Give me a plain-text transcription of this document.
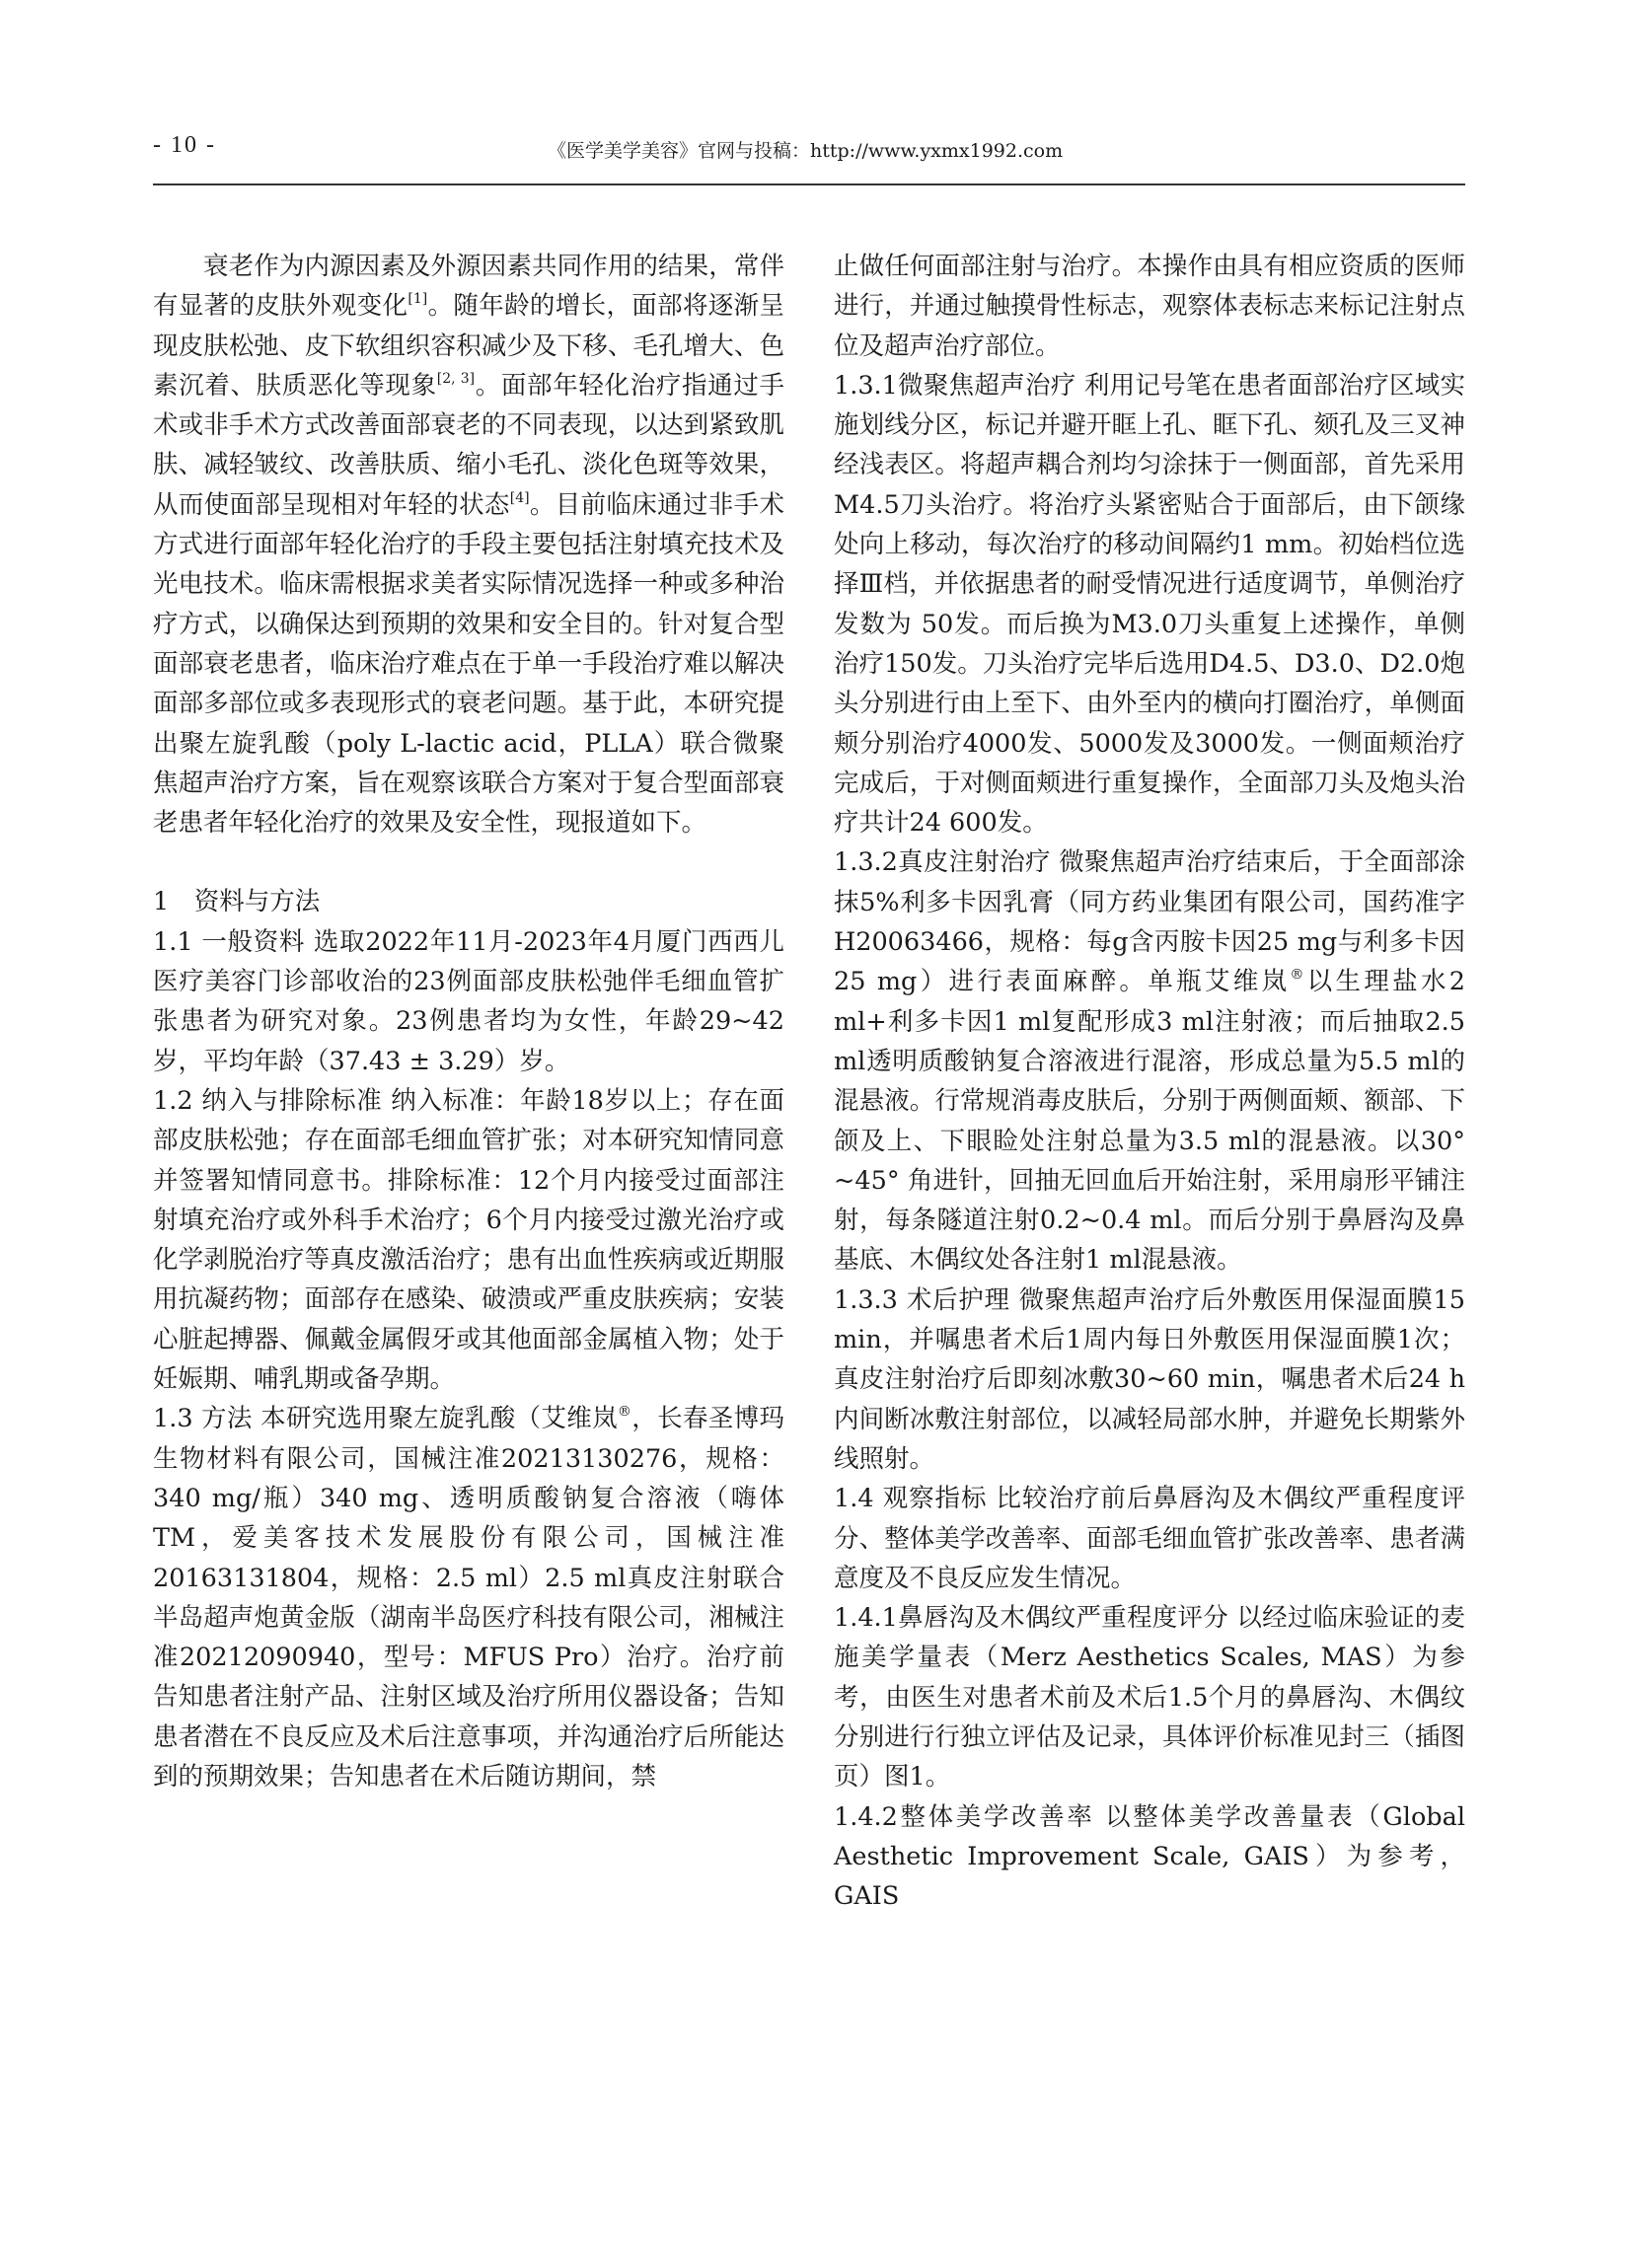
- 10 -	《医学美学美容》官网与投稿：http://www.yxmx1992.com

衰老作为内源因素及外源因素共同作用的结果，常伴有显著的皮肤外观变化[1]。随年龄的增长，面部将逐渐呈现皮肤松弛、皮下软组织容积减少及下移、毛孔增大、色素沉着、肤质恶化等现象[2, 3]。面部年轻化治疗指通过手术或非手术方式改善面部衰老的不同表现，以达到紧致肌肤、减轻皱纹、改善肤质、缩小毛孔、淡化色斑等效果，从而使面部呈现相对年轻的状态[4]。目前临床通过非手术方式进行面部年轻化治疗的手段主要包括注射填充技术及光电技术。临床需根据求美者实际情况选择一种或多种治疗方式，以确保达到预期的效果和安全目的。针对复合型面部衰老患者，临床治疗难点在于单一手段治疗难以解决面部多部位或多表现形式的衰老问题。基于此，本研究提出聚左旋乳酸（poly L-lactic acid，PLLA）联合微聚焦超声治疗方案，旨在观察该联合方案对于复合型面部衰老患者年轻化治疗的效果及安全性，现报道如下。

1　资料与方法

1.1 一般资料 选取2022年11月-2023年4月厦门西西儿医疗美容门诊部收治的23例面部皮肤松弛伴毛细血管扩张患者为研究对象。23例患者均为女性，年龄29~42岁，平均年龄（37.43 ± 3.29）岁。

1.2 纳入与排除标准 纳入标准：年龄18岁以上；存在面部皮肤松弛；存在面部毛细血管扩张；对本研究知情同意并签署知情同意书。排除标准：12个月内接受过面部注射填充治疗或外科手术治疗；6个月内接受过激光治疗或化学剥脱治疗等真皮激活治疗；患有出血性疾病或近期服用抗凝药物；面部存在感染、破溃或严重皮肤疾病；安装心脏起搏器、佩戴金属假牙或其他面部金属植入物；处于妊娠期、哺乳期或备孕期。

1.3 方法 本研究选用聚左旋乳酸（艾维岚®，长春圣博玛生物材料有限公司，国械注准20213130276，规格：340 mg/瓶）340 mg、透明质酸钠复合溶液（嗨体TM，爱美客技术发展股份有限公司，国械注准20163131804，规格：2.5 ml）2.5 ml真皮注射联合半岛超声炮黄金版（湖南半岛医疗科技有限公司，湘械注准20212090940，型号：MFUS Pro）治疗。治疗前告知患者注射产品、注射区域及治疗所用仪器设备；告知患者潜在不良反应及术后注意事项，并沟通治疗后所能达到的预期效果；告知患者在术后随访期间，禁

止做任何面部注射与治疗。本操作由具有相应资质的医师进行，并通过触摸骨性标志，观察体表标志来标记注射点位及超声治疗部位。

1.3.1微聚焦超声治疗 利用记号笔在患者面部治疗区域实施划线分区，标记并避开眶上孔、眶下孔、颏孔及三叉神经浅表区。将超声耦合剂均匀涂抹于一侧面部，首先采用M4.5刀头治疗。将治疗头紧密贴合于面部后，由下颌缘处向上移动，每次治疗的移动间隔约1 mm。初始档位选择Ⅲ档，并依据患者的耐受情况进行适度调节，单侧治疗发数为 50发。而后换为M3.0刀头重复上述操作，单侧治疗150发。刀头治疗完毕后选用D4.5、D3.0、D2.0炮头分别进行由上至下、由外至内的横向打圈治疗，单侧面颊分别治疗4000发、5000发及3000发。一侧面颊治疗完成后，于对侧面颊进行重复操作，全面部刀头及炮头治疗共计24 600发。

1.3.2真皮注射治疗 微聚焦超声治疗结束后，于全面部涂抹5%利多卡因乳膏（同方药业集团有限公司，国药准字H20063466，规格：每g含丙胺卡因25 mg与利多卡因25 mg）进行表面麻醉。单瓶艾维岚®以生理盐水2 ml+利多卡因1 ml复配形成3 ml注射液；而后抽取2.5 ml透明质酸钠复合溶液进行混溶，形成总量为5.5 ml的混悬液。行常规消毒皮肤后，分别于两侧面颊、额部、下颌及上、下眼睑处注射总量为3.5 ml的混悬液。以30° ~45° 角进针，回抽无回血后开始注射，采用扇形平铺注射，每条隧道注射0.2~0.4 ml。而后分别于鼻唇沟及鼻基底、木偶纹处各注射1 ml混悬液。

1.3.3 术后护理 微聚焦超声治疗后外敷医用保湿面膜15 min，并嘱患者术后1周内每日外敷医用保湿面膜1次；真皮注射治疗后即刻冰敷30~60 min，嘱患者术后24 h内间断冰敷注射部位，以减轻局部水肿，并避免长期紫外线照射。

1.4 观察指标 比较治疗前后鼻唇沟及木偶纹严重程度评分、整体美学改善率、面部毛细血管扩张改善率、患者满意度及不良反应发生情况。

1.4.1鼻唇沟及木偶纹严重程度评分 以经过临床验证的麦施美学量表（Merz Aesthetics Scales, MAS）为参考，由医生对患者术前及术后1.5个月的鼻唇沟、木偶纹分别进行行独立评估及记录，具体评价标准见封三（插图页）图1。

1.4.2整体美学改善率 以整体美学改善量表（Global Aesthetic Improvement Scale, GAIS）为参考，GAIS
